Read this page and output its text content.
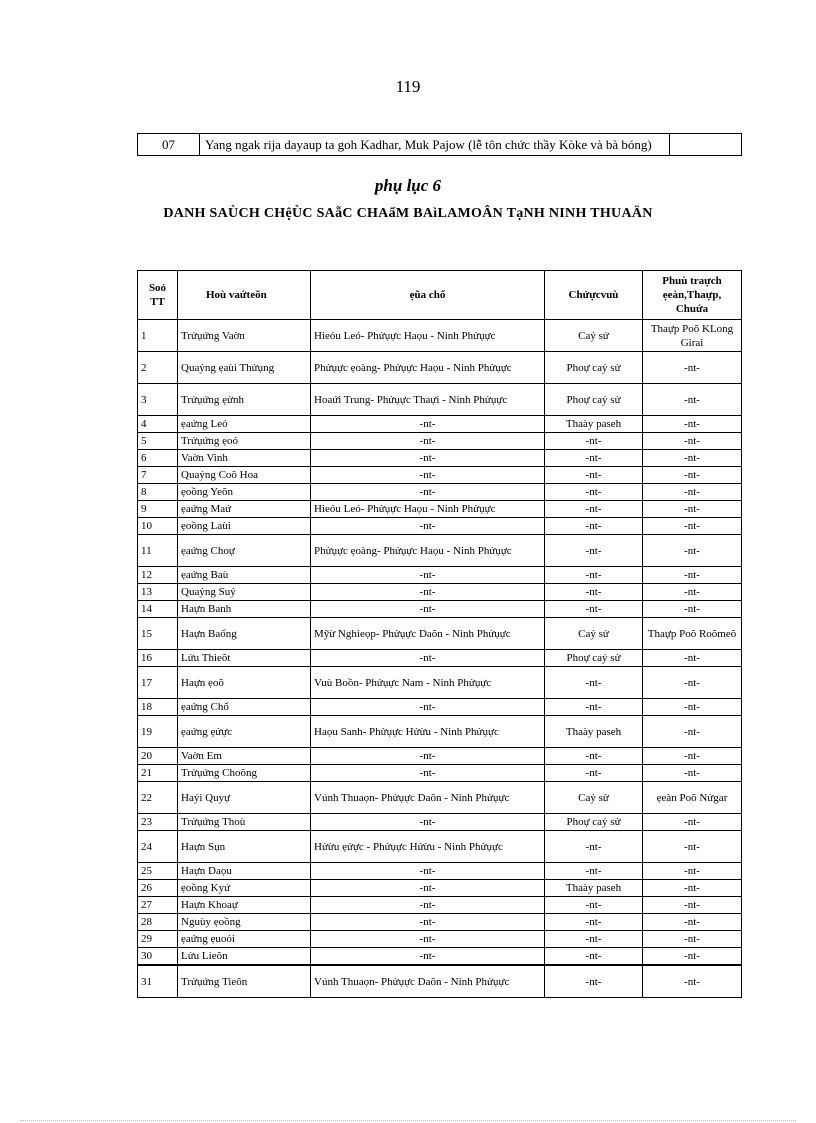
119
07	Yang ngak rija dayaup ta goh Kadhar, Muk Pajow (lễ tôn chức thầy Kòke và bà bóng)	
phụ lục 6
DANH SAÙCH CHệÙC SAẵC CHAẩM BAìLAMOÂN TạNH NINH THUAÄN
Soỏ TT	Hoù vaứteõn	ẹũa chổ	Chửựcvuù	Phuù traựch ẹeàn,Thaựp, Chuứa
1	Trửụứng Vaờn	Hieỏu Leó- Phửụực Haọu - Ninh Phửụực	Caỷ sử	Thaựp Poõ KLong Girai
2	Quaỷng ẹaùi Thửụng	Phửụực ẹoàng- Phửụực Haọu - Ninh Phửụực	Phoự caỷ sử	-nt-
3	Trửụứng ẹửnh	Hoaứi Trung- Phửụực Thaựi - Ninh Phửụực	Phoự caỷ sử	-nt-
4	ẹaứng Leó	-nt-	Thaày paseh	-nt-
5	Trửụứng ẹoó	-nt-	-nt-	-nt-
6	Vaờn Vinh	-nt-	-nt-	-nt-
7	Quaỷng Coõ Hoa	-nt-	-nt-	-nt-
8	ẹoồng Yeõn	-nt-	-nt-	-nt-
9	ẹaứng Maứ	Hieỏu Leó- Phửụực Haọu - Ninh Phửụực	-nt-	-nt-
10	ẹoồng Laùi	-nt-	-nt-	-nt-
11	ẹaứng Choự	Phửụực ẹoàng- Phửụực Haọu - Ninh Phửụực	-nt-	-nt-
12	ẹaứng Baù	-nt-	-nt-	-nt-
13	Quaỷng Suỷ	-nt-	-nt-	-nt-
14	Haựn Banh	-nt-	-nt-	-nt-
15	Haựn Baống	Mỹừ Nghieọp- Phửụực Daõn - Ninh Phửụực	Caỷ sử	Thaựp Poõ Roõmeõ
16	Lửu Thieõt	-nt-	Phoự caỷ sử	-nt-
17	Haựn ẹoõ	Vuù Boồn- Phửụực Nam - Ninh Phửụực	-nt-	-nt-
18	ẹaứng Chổ	-nt-	-nt-	-nt-
19	ẹaứng ẹửực	Haọu Sanh- Phửụực Hửừu - Ninh Phửụực	Thaày paseh	-nt-
20	Vaờn Em	-nt-	-nt-	-nt-
21	Trửụứng Choõng	-nt-	-nt-	-nt-
22	Haỷi Quyự	Vúnh Thuaọn- Phửụực Daõn - Ninh Phửụực	Caỷ sử	ẹeàn Poõ Nửgar
23	Trửụứng Thoù	-nt-	Phoự caỷ sử	-nt-
24	Haựn Sụn	Hửừu ẹửực - Phửụực Hửừu - Ninh Phửụực	-nt-	-nt-
25	Haựn Daọu	-nt-	-nt-	-nt-
26	ẹoồng Kyứ	-nt-	Thaày paseh	-nt-
27	Haựn Khoaự	-nt-	-nt-	-nt-
28	Nguùy ẹoồng	-nt-	-nt-	-nt-
29	ẹaứng ẹuoỏi	-nt-	-nt-	-nt-
30	Lửu Lieõn	-nt-	-nt-	-nt-
31	Trửụứng Tieõn	Vúnh Thuaọn- Phửụực Daõn - Ninh Phửụực	-nt-	-nt-
